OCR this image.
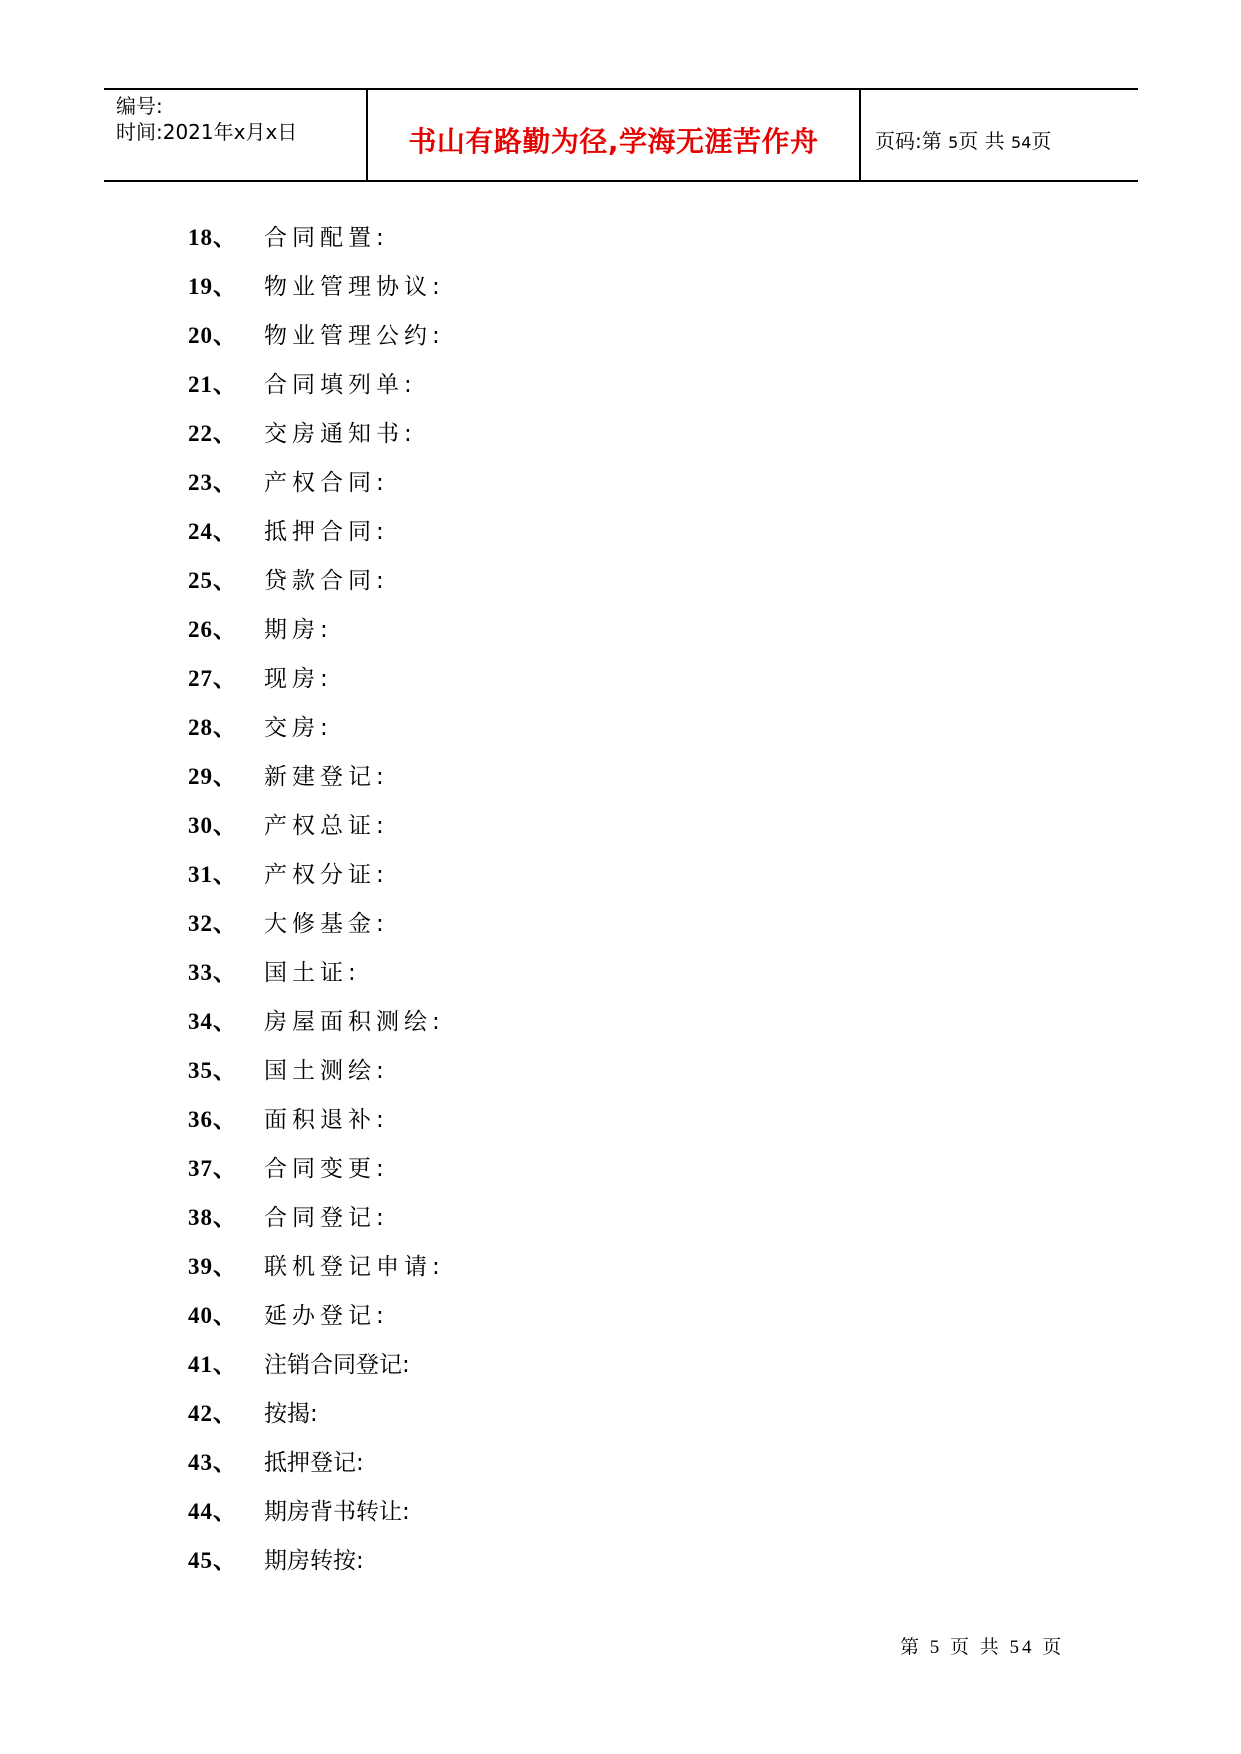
编号:
时间:2021年x月x日	书山有路勤为径,学海无涯苦作舟	页码:第 5页 共 54页
18、 合同配置:
19、 物业管理协议:
20、 物业管理公约:
21、 合同填列单:
22、 交房通知书:
23、 产权合同:
24、 抵押合同:
25、 贷款合同:
26、 期房:
27、 现房:
28、 交房:
29、 新建登记:
30、 产权总证:
31、 产权分证:
32、 大修基金:
33、 国土证:
34、 房屋面积测绘:
35、 国土测绘:
36、 面积退补:
37、 合同变更:
38、 合同登记:
39、 联机登记申请:
40、 延办登记:
41、 注销合同登记:
42、 按揭:
43、 抵押登记:
44、 期房背书转让:
45、 期房转按:
第 5 页 共 54 页
